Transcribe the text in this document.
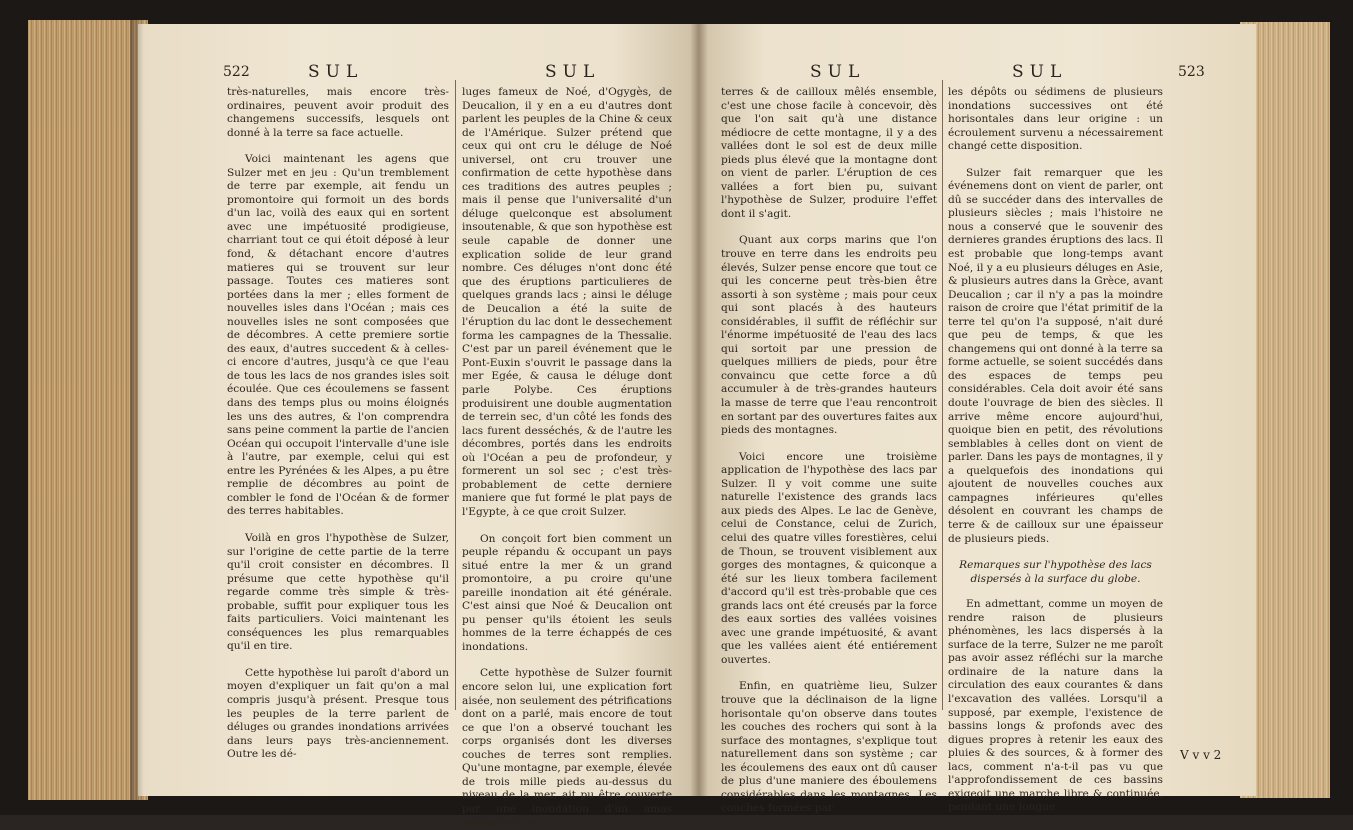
522	SUL	SUL

très-naturelles, mais encore très-ordinaires, peuvent avoir produit des changemens successifs, lesquels ont donné à la terre sa face actuelle.

Voici maintenant les agens que Sulzer met en jeu : Qu'un tremblement de terre par exemple, ait fendu un promontoire qui formoit un des bords d'un lac, voilà des eaux qui en sortent avec une impétuosité prodigieuse, charriant tout ce qui étoit déposé à leur fond, & détachant encore d'autres matieres qui se trouvent sur leur passage. Toutes ces matieres sont portées dans la mer ; elles forment de nouvelles isles dans l'Océan ; mais ces nouvelles isles ne sont composées que de décombres. A cette premiere sortie des eaux, d'autres succedent & à celles-ci encore d'autres, jusqu'à ce que l'eau de tous les lacs de nos grandes isles soit écoulée. Que ces écoulemens se fassent dans des temps plus ou moins éloignés les uns des autres, & l'on comprendra sans peine comment la partie de l'ancien Océan qui occupoit l'intervalle d'une isle à l'autre, par exemple, celui qui est entre les Pyrénées & les Alpes, a pu être remplie de décombres au point de combler le fond de l'Océan & de former des terres habitables.

Voilà en gros l'hypothèse de Sulzer, sur l'origine de cette partie de la terre qu'il croit consister en décombres. Il présume que cette hypothèse qu'il regarde comme très simple & très-probable, suffit pour expliquer tous les faits particuliers. Voici maintenant les conséquences les plus remarquables qu'il en tire.

Cette hypothèse lui paroît d'abord un moyen d'expliquer un fait qu'on a mal compris jusqu'à présent. Presque tous les peuples de la terre parlent de déluges ou grandes inondations arrivées dans leurs pays très-anciennement. Outre les dé-

luges fameux de Noé, d'Ogygès, de Deucalion, il y en a eu d'autres dont parlent les peuples de la Chine & ceux de l'Amérique. Sulzer prétend que ceux qui ont cru le déluge de Noé universel, ont cru trouver une confirmation de cette hypothèse dans ces traditions des autres peuples ; mais il pense que l'universalité d'un déluge quelconque est absolument insoutenable, & que son hypothèse est seule capable de donner une explication solide de leur grand nombre. Ces déluges n'ont donc été que des éruptions particulieres de quelques grands lacs ; ainsi le déluge de Deucalion a été la suite de l'éruption du lac dont le dessechement forma les campagnes de la Thessalie. C'est par un pareil événement que le Pont-Euxin s'ouvrit le passage dans la mer Egée, & causa le déluge dont parle Polybe. Ces éruptions produisirent une double augmentation de terrein sec, d'un côté les fonds des lacs furent desséchés, & de l'autre les décombres, portés dans les endroits où l'Océan a peu de profondeur, y formerent un sol sec ; c'est très-probablement de cette derniere maniere que fut formé le plat pays de l'Egypte, à ce que croit Sulzer.

On conçoit fort bien comment un peuple répandu & occupant un pays situé entre la mer & un grand promontoire, a pu croire qu'une pareille inondation ait été générale. C'est ainsi que Noé & Deucalion ont pu penser qu'ils étoient les seuls hommes de la terre échappés de ces inondations.

Cette hypothèse de Sulzer fournit encore selon lui, une explication fort aisée, non seulement des pétrifications dont on a parlé, mais encore de tout ce que l'on a observé touchant les corps organisés dont les diverses couches de terres sont remplies. Qu'une montagne, par exemple, élevée de trois mille pieds au-dessus du niveau de la mer, ait pu être couverte par une inondation d'un amas prodigieux de

SUL	SUL	523

terres & de cailloux mêlés ensemble, c'est une chose facile à concevoir, dès que l'on sait qu'à une distance médiocre de cette montagne, il y a des vallées dont le sol est de deux mille pieds plus élevé que la montagne dont on vient de parler. L'éruption de ces vallées a fort bien pu, suivant l'hypothèse de Sulzer, produire l'effet dont il s'agit.

Quant aux corps marins que l'on trouve en terre dans les endroits peu élevés, Sulzer pense encore que tout ce qui les concerne peut très-bien être assorti à son système ; mais pour ceux qui sont placés à des hauteurs considérables, il suffit de réfléchir sur l'énorme impétuosité de l'eau des lacs qui sortoit par une pression de quelques milliers de pieds, pour être convaincu que cette force a dû accumuler à de très-grandes hauteurs la masse de terre que l'eau rencontroit en sortant par des ouvertures faites aux pieds des montagnes.

Voici encore une troisième application de l'hypothèse des lacs par Sulzer. Il y voit comme une suite naturelle l'existence des grands lacs aux pieds des Alpes. Le lac de Genève, celui de Constance, celui de Zurich, celui des quatre villes forestières, celui de Thoun, se trouvent visiblement aux gorges des montagnes, & quiconque a été sur les lieux tombera facilement d'accord qu'il est très-probable que ces grands lacs ont été creusés par la force des eaux sorties des vallées voisines avec une grande impétuosité, & avant que les vallées aient été entiérement ouvertes.

Enfin, en quatrième lieu, Sulzer trouve que la déclinaison de la ligne horisontale qu'on observe dans toutes les couches des rochers qui sont à la surface des montagnes, s'explique tout naturellement dans son système ; car les écoulemens des eaux ont dû causer de plus d'une maniere des éboulemens considérables dans les montagnes. Les couches formées par

les dépôts ou sédimens de plusieurs inondations successives ont été horisontales dans leur origine : un écroulement survenu a nécessairement changé cette disposition.

Sulzer fait remarquer que les événemens dont on vient de parler, ont dû se succéder dans des intervalles de plusieurs siècles ; mais l'histoire ne nous a conservé que le souvenir des dernieres grandes éruptions des lacs. Il est probable que long-temps avant Noé, il y a eu plusieurs déluges en Asie, & plusieurs autres dans la Grèce, avant Deucalion ; car il n'y a pas la moindre raison de croire que l'état primitif de la terre tel qu'on l'a supposé, n'ait duré que peu de temps, & que les changemens qui ont donné à la terre sa forme actuelle, se soient succédés dans des espaces de temps peu considérables. Cela doit avoir été sans doute l'ouvrage de bien des siècles. Il arrive même encore aujourd'hui, quoique bien en petit, des révolutions semblables à celles dont on vient de parler. Dans les pays de montagnes, il y a quelquefois des inondations qui ajoutent de nouvelles couches aux campagnes inférieures qu'elles désolent en couvrant les champs de terre & de cailloux sur une épaisseur de plusieurs pieds.

Remarques sur l'hypothèse des lacs dispersés à la surface du globe.

En admettant, comme un moyen de rendre raison de plusieurs phénomènes, les lacs dispersés à la surface de la terre, Sulzer ne me paroît pas avoir assez réfléchi sur la marche ordinaire de la nature dans la circulation des eaux courantes & dans l'excavation des vallées. Lorsqu'il a supposé, par exemple, l'existence de bassins longs & profonds avec des digues propres à retenir les eaux des pluies & des sources, & à former des lacs, comment n'a-t-il pas vu que l'approfondissement de ces bassins exigeoit une marche libre & continuée, pendant une longue

V v v 2
